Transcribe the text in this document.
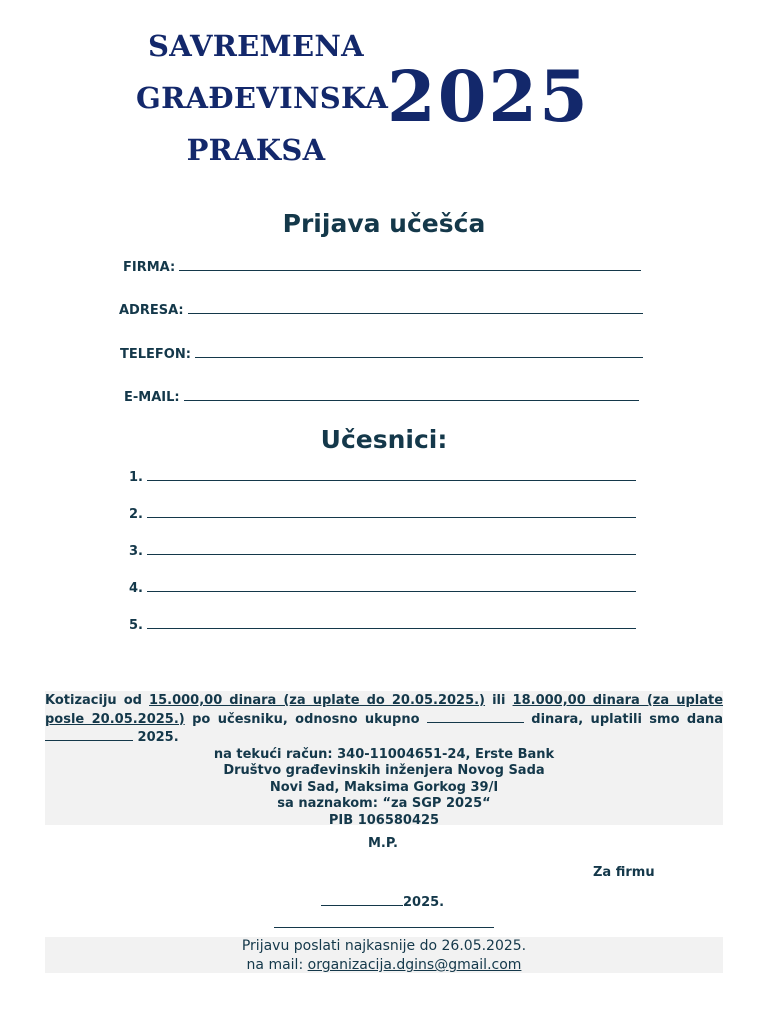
SAVREMENA
GRAĐEVINSKA
PRAKSA
2025
Prijava učešća
FIRMA:
ADRESA:
TELEFON:
E-MAIL:
Učesnici:
1.
2.
3.
4.
5.
Kotizaciju od 15.000,00 dinara (za uplate do 20.05.2025.) ili 18.000,00 dinara (za uplate posle 20.05.2025.) po učesniku, odnosno ukupno	dinara, uplatili smo dana  2025.
na tekući račun: 340-11004651-24, Erste Bank
Društvo građevinskih inženjera Novog Sada
Novi Sad, Maksima Gorkog 39/I
sa naznakom: “za SGP 2025“
PIB 106580425
M.P.
Za firmu
2025.
Prijavu poslati najkasnije do 26.05.2025.
na mail: organizacija.dgins@gmail.com
